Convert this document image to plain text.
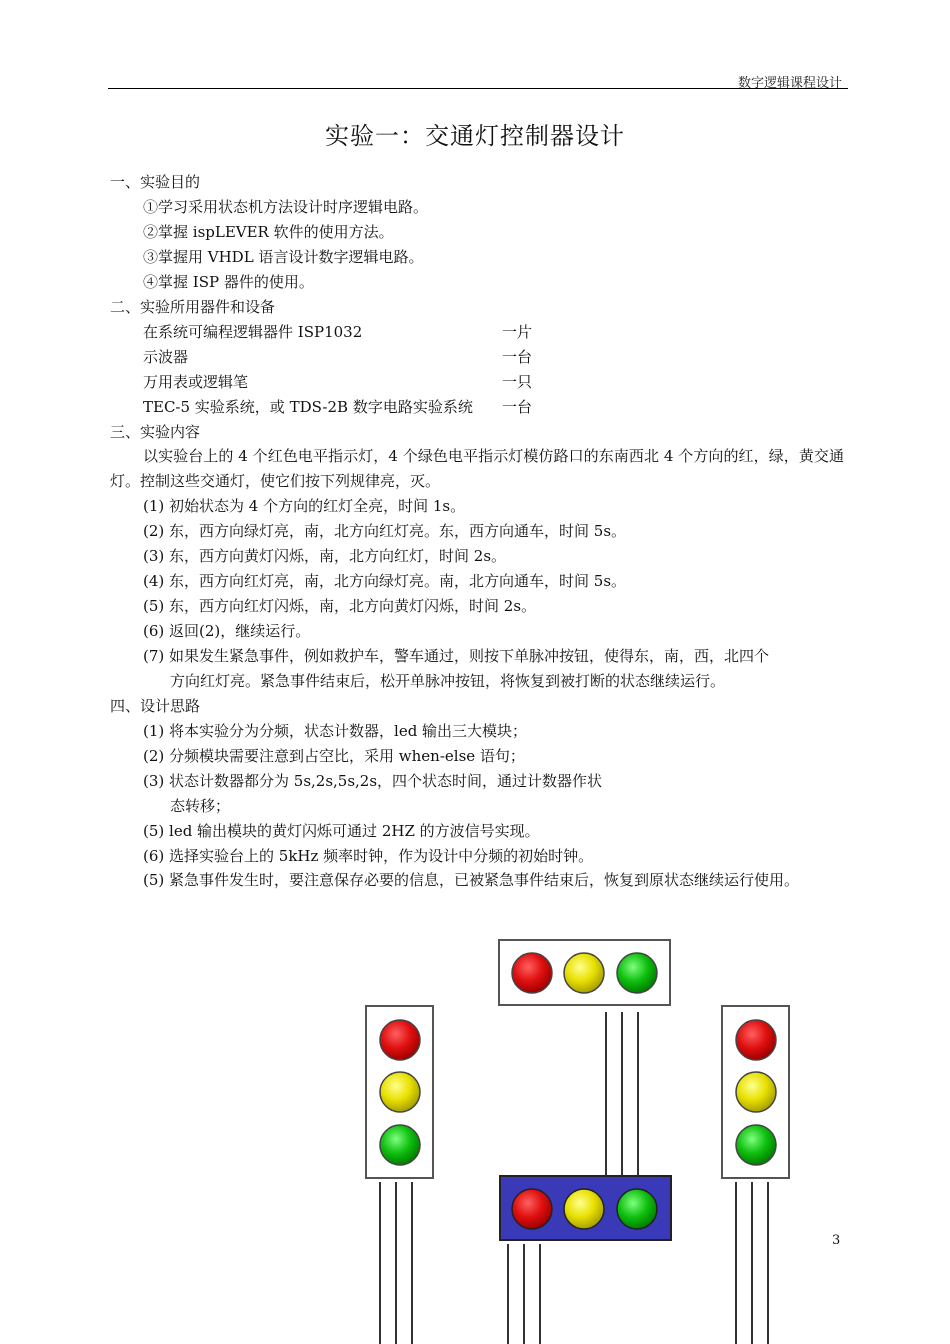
数字逻辑课程设计
实验一：交通灯控制器设计
一、实验目的
①学习采用状态机方法设计时序逻辑电路。
②掌握 ispLEVER 软件的使用方法。
③掌握用 VHDL 语言设计数字逻辑电路。
④掌握 ISP 器件的使用。
二、实验所用器件和设备
在系统可编程逻辑器件 ISP1032	一片
示波器	一台
万用表或逻辑笔	一只
TEC-5 实验系统，或 TDS-2B 数字电路实验系统 一台
三、实验内容
以实验台上的 4 个红色电平指示灯，4 个绿色电平指示灯模仿路口的东南西北 4 个方向的红，绿，黄交通灯。控制这些交通灯，使它们按下列规律亮，灭。
(1) 初始状态为 4 个方向的红灯全亮，时间 1s。
(2) 东，西方向绿灯亮，南，北方向红灯亮。东，西方向通车，时间 5s。
(3) 东，西方向黄灯闪烁，南，北方向红灯，时间 2s。
(4) 东，西方向红灯亮，南，北方向绿灯亮。南，北方向通车，时间 5s。
(5) 东，西方向红灯闪烁，南，北方向黄灯闪烁，时间 2s。
(6) 返回(2)，继续运行。
(7) 如果发生紧急事件，例如救护车，警车通过，则按下单脉冲按钮，使得东，南，西，北四个
方向红灯亮。紧急事件结束后，松开单脉冲按钮，将恢复到被打断的状态继续运行。
四、设计思路
(1) 将本实验分为分频，状态计数器，led 输出三大模块；
(2) 分频模块需要注意到占空比，采用 when-else 语句；
(3) 状态计数器都分为 5s,2s,5s,2s，四个状态时间，通过计数器作状
态转移；
(5) led 输出模块的黄灯闪烁可通过 2HZ 的方波信号实现。
(6) 选择实验台上的 5kHz 频率时钟，作为设计中分频的初始时钟。
(5) 紧急事件发生时，要注意保存必要的信息，已被紧急事件结束后，恢复到原状态继续运行使用。
3
